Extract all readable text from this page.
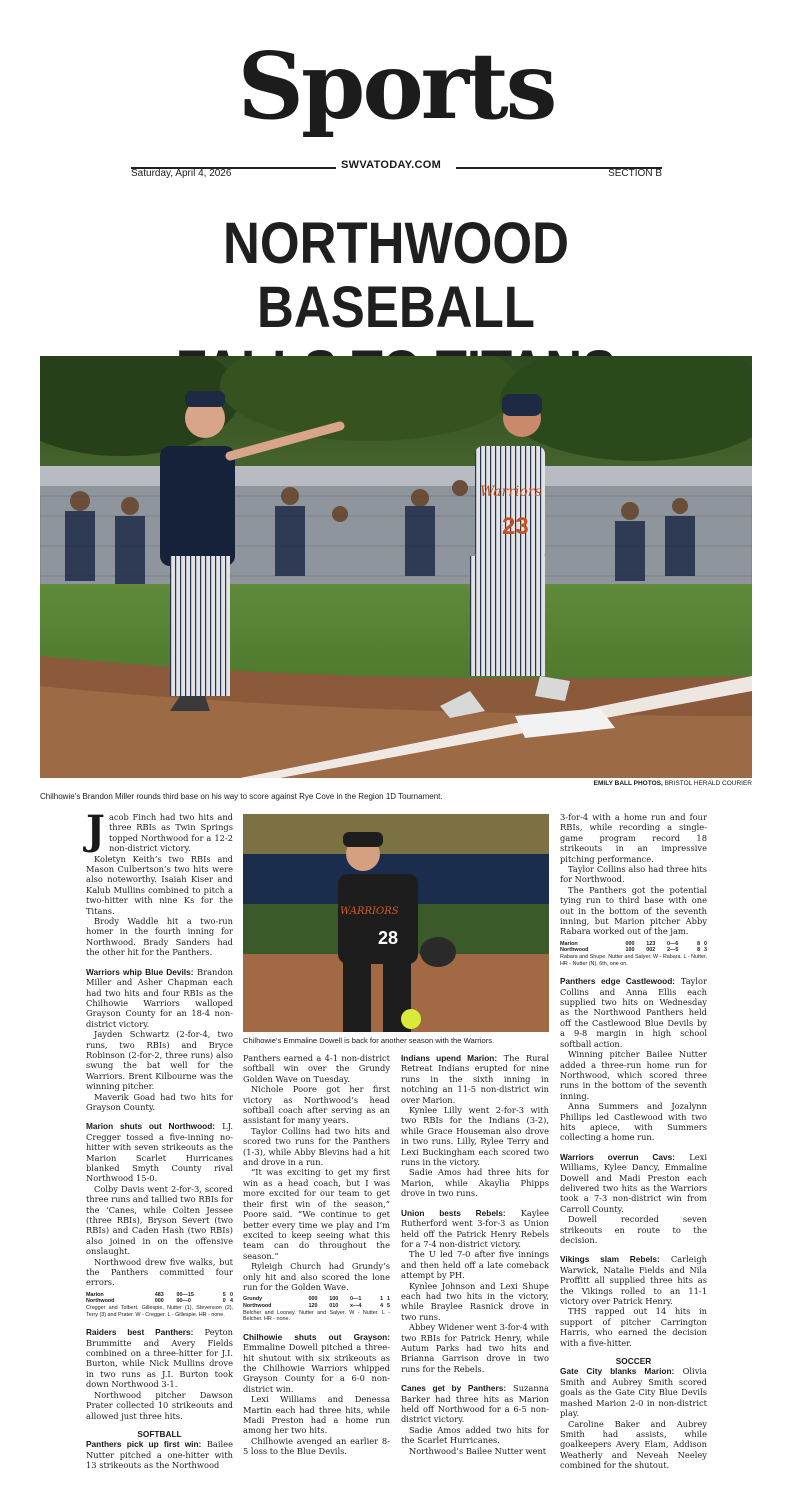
Sports
Saturday, April 4, 2026
SWVATODAY.COM
SECTION B
NORTHWOOD BASEBALL
Warriors
23
EMILY BALL PHOTOS, BRISTOL HERALD COURIER
Chilhowie’s Brandon Miller rounds third base on his way to score against Rye Cove in the Region 1D Tournament.

Jacob Finch had two hits and three RBIs as Twin Springs topped Northwood for a 12-2 non-district victory.

Koletyn Keith’s two RBIs and Mason Culbertson’s two hits were also noteworthy. Isaiah Kiser and Kalub Mullins combined to pitch a two-hitter with nine Ks for the Titans.

Brody Waddle hit a two-run homer in the fourth inning for Northwood. Brady Sanders had the other hit for the Panthers.

Warriors whip Blue Devils: Brandon Miller and Asher Chapman each had two hits and four RBIs as the Chilhowie Warriors walloped Grayson County for an 18-4 non-district victory.

Jayden Schwartz (2-for-4, two runs, two RBIs) and Bryce Robinson (2-for-2, three runs) also swung the bat well for the Warriors. Brent Kilbourne was the winning pitcher.

Maverik Goad had two hits for Grayson County.

Marion shuts out Northwood: LJ. Cregger tossed a five-inning no-hitter with seven strikeouts as the Marion Scarlet Hurricanes blanked Smyth County rival Northwood 15-0.

Colby Davis went 2-for-3, scored three runs and tallied two RBIs for the ‘Canes, while Colten Jessee (three RBIs), Bryson Severt (two RBIs) and Caden Hash (two RBIs) also joined in on the offensive onslaught.

Northwood drew five walks, but the Panthers committed four errors.

Marion	483	00—15	5	0
Northwood	000	00—0	0	4
Cregger and Tolbert. Gillespie, Nutter (1), Stevenson (2), Terry (3) and Prater. W - Cregger. L - Gillespie. HR - none.

Raiders best Panthers: Peyton Brummitte and Avery Fields combined on a three-hitter for J.I. Burton, while Nick Mullins drove in two runs as J.I. Burton took down Northwood 3-1.

Northwood pitcher Dawson Prater collected 10 strikeouts and allowed just three hits.

SOFTBALL

Panthers pick up first win: Bailee Nutter pitched a one-hitter with 13 strikeouts as the Northwood

WARRIORS
28
Chilhowie’s Emmaline Dowell is back for another season with the Warriors.

Panthers earned a 4-1 non-district softball win over the Grundy Golden Wave on Tuesday.

Nichole Poore got her first victory as Northwood’s head softball coach after serving as an assistant for many years.

Taylor Collins had two hits and scored two runs for the Panthers (1-3), while Abby Blevins had a hit and drove in a run.

“It was exciting to get my first win as a head coach, but I was more excited for our team to get their first win of the season,” Poore said. “We continue to get better every time we play and I’m excited to keep seeing what this team can do throughout the season.”

Ryleigh Church had Grundy’s only hit and also scored the lone run for the Golden Wave.

Grundy	000	100	0—1	1	1
Northwood	120	010	x—4	4	5
Belcher and Looney. Nutter and Salyer. W - Nutter. L - Belcher. HR - none.

Chilhowie shuts out Grayson: Emmaline Dowell pitched a three-hit shutout with six strikeouts as the Chilhowie Warriors whipped Grayson County for a 6-0 non-district win.

Lexi Williams and Denessa Martin each had three hits, while Madi Preston had a home run among her two hits.

Chilhowie avenged an earlier 8-5 loss to the Blue Devils.

Indians upend Marion: The Rural Retreat Indians erupted for nine runs in the sixth inning in notching an 11-5 non-district win over Marion.

Kynlee Lilly went 2-for-3 with two RBIs for the Indians (3-2), while Grace Houseman also drove in two runs. Lilly, Rylee Terry and Lexi Buckingham each scored two runs in the victory.

Sadie Amos had three hits for Marion, while Akaylia Phipps drove in two runs.

Union bests Rebels: Kaylee Rutherford went 3-for-3 as Union held off the Patrick Henry Rebels for a 7-4 non-district victory.

The U led 7-0 after five innings and then held off a late comeback attempt by PH.

Kynlee Johnson and Lexi Shupe each had two hits in the victory, while Braylee Rasnick drove in two runs.

Abbey Widener went 3-for-4 with two RBIs for Patrick Henry, while Autum Parks had two hits and Brianna Garrison drove in two runs for the Rebels.

Canes get by Panthers: Suzanna Barker had three hits as Marion held off Northwood for a 6-5 non-district victory.

Sadie Amos added two hits for the Scarlet Hurricanes.

Northwood’s Bailee Nutter went

3-for-4 with a home run and four RBIs, while recording a single-game program record 18 strikeouts in an impressive pitching performance.

Taylor Collins also had three hits for Northwood.

The Panthers got the potential tying run to third base with one out in the bottom of the seventh inning, but Marion pitcher Abby Rabara worked out of the jam.

Marion	000	123	0—6	8	0
Northwood	100	002	2—5	8	3
Rabara and Shupe. Nutter and Salyer. W - Rabara. L - Nutter. HR - Nutter (N), 6th, one on.

Panthers edge Castlewood: Taylor Collins and Anna Ellis each supplied two hits on Wednesday as the Northwood Panthers held off the Castlewood Blue Devils by a 9-8 margin in high school softball action.

Winning pitcher Bailee Nutter added a three-run home run for Northwood, which scored three runs in the bottom of the seventh inning.

Anna Summers and Jozalynn Phillips led Castlewood with two hits apiece, with Summers collecting a home run.

Warriors overrun Cavs: Lexi Williams, Kylee Dancy, Emmaline Dowell and Madi Preston each delivered two hits as the Warriors took a 7-3 non-district win from Carroll County.

Dowell recorded seven strikeouts en route to the decision.

Vikings slam Rebels: Carleigh Warwick, Natalie Fields and Nila Proffitt all supplied three hits as the Vikings rolled to an 11-1 victory over Patrick Henry.

THS rapped out 14 hits in support of pitcher Carrington Harris, who earned the decision with a five-hitter.

SOCCER

Gate City blanks Marion: Olivia Smith and Aubrey Smith scored goals as the Gate City Blue Devils mashed Marion 2-0 in non-district play.

Caroline Baker and Aubrey Smith had assists, while goalkeepers Avery Elam, Addison Weatherly and Neveah Neeley combined for the shutout.
